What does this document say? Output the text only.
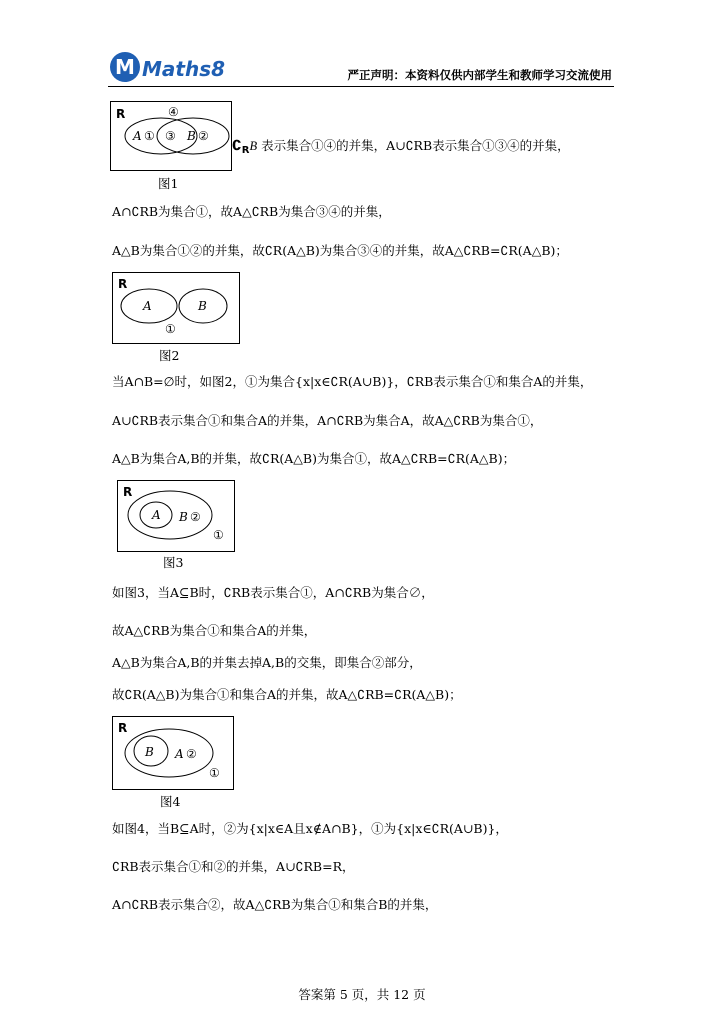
M Maths8	严正声明：本资料仅供内部学生和教师学习交流使用
R	④
A ① ③ B ②
图1
$∁_RB$ 表示集合①④的并集，A∪∁RB表示集合①③④的并集，
A∩∁RB为集合①，故A△∁RB为集合③④的并集，
A△B为集合①②的并集，故∁R(A△B)为集合③④的并集，故A△∁RB=∁R(A△B)；
R
A	B
①
图2
当A∩B=∅时，如图2，①为集合{x|x∈∁R(A∪B)}，∁RB表示集合①和集合A的并集，
A∪∁RB表示集合①和集合A的并集，A∩∁RB为集合A，故A△∁RB为集合①，
A△B为集合A,B的并集，故∁R(A△B)为集合①，故A△∁RB=∁R(A△B)；
R
A B ②
①
图3
如图3，当A⊆B时，∁RB表示集合①，A∩∁RB为集合∅，
故A△∁RB为集合①和集合A的并集，
A△B为集合A,B的并集去掉A,B的交集，即集合②部分，
故∁R(A△B)为集合①和集合A的并集，故A△∁RB=∁R(A△B)；
R
B A ②
①
图4
如图4，当B⊆A时，②为{x|x∈A且x∉A∩B}，①为{x|x∈∁R(A∪B)}，
∁RB表示集合①和②的并集，A∪∁RB=R，
A∩∁RB表示集合②，故A△∁RB为集合①和集合B的并集，
答案第 5 页，共 12 页
